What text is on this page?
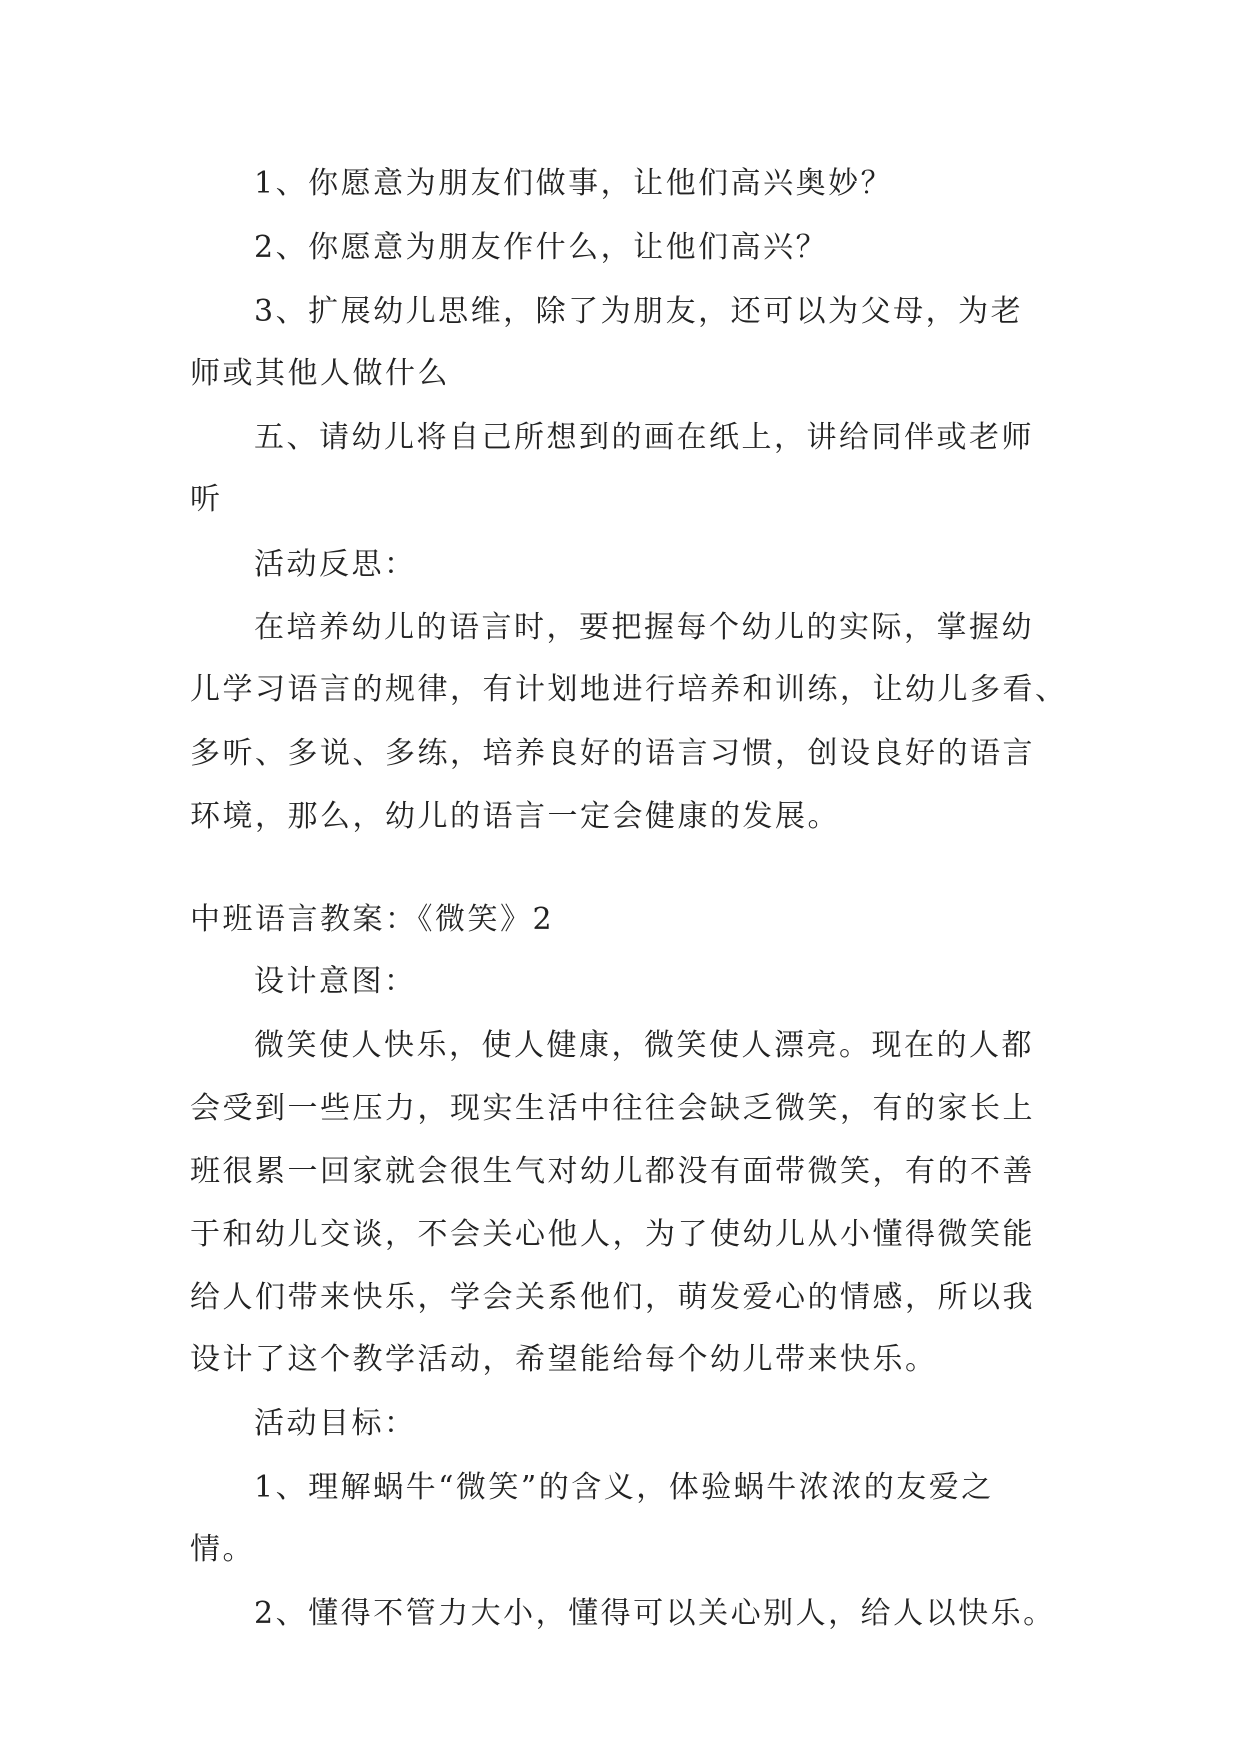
1、你愿意为朋友们做事，让他们高兴奥妙？
2、你愿意为朋友作什么，让他们高兴？
3、扩展幼儿思维，除了为朋友，还可以为父母，为老
师或其他人做什么
五、请幼儿将自己所想到的画在纸上，讲给同伴或老师
听
活动反思：
在培养幼儿的语言时，要把握每个幼儿的实际，掌握幼
儿学习语言的规律，有计划地进行培养和训练，让幼儿多看、
多听、多说、多练，培养良好的语言习惯，创设良好的语言
环境，那么，幼儿的语言一定会健康的发展。
中班语言教案：《微笑》2
设计意图：
微笑使人快乐，使人健康，微笑使人漂亮。现在的人都
会受到一些压力，现实生活中往往会缺乏微笑，有的家长上
班很累一回家就会很生气对幼儿都没有面带微笑，有的不善
于和幼儿交谈，不会关心他人，为了使幼儿从小懂得微笑能
给人们带来快乐，学会关系他们，萌发爱心的情感，所以我
设计了这个教学活动，希望能给每个幼儿带来快乐。
活动目标：
1、理解蜗牛“微笑”的含义，体验蜗牛浓浓的友爱之
情。
2、懂得不管力大小，懂得可以关心别人，给人以快乐。
